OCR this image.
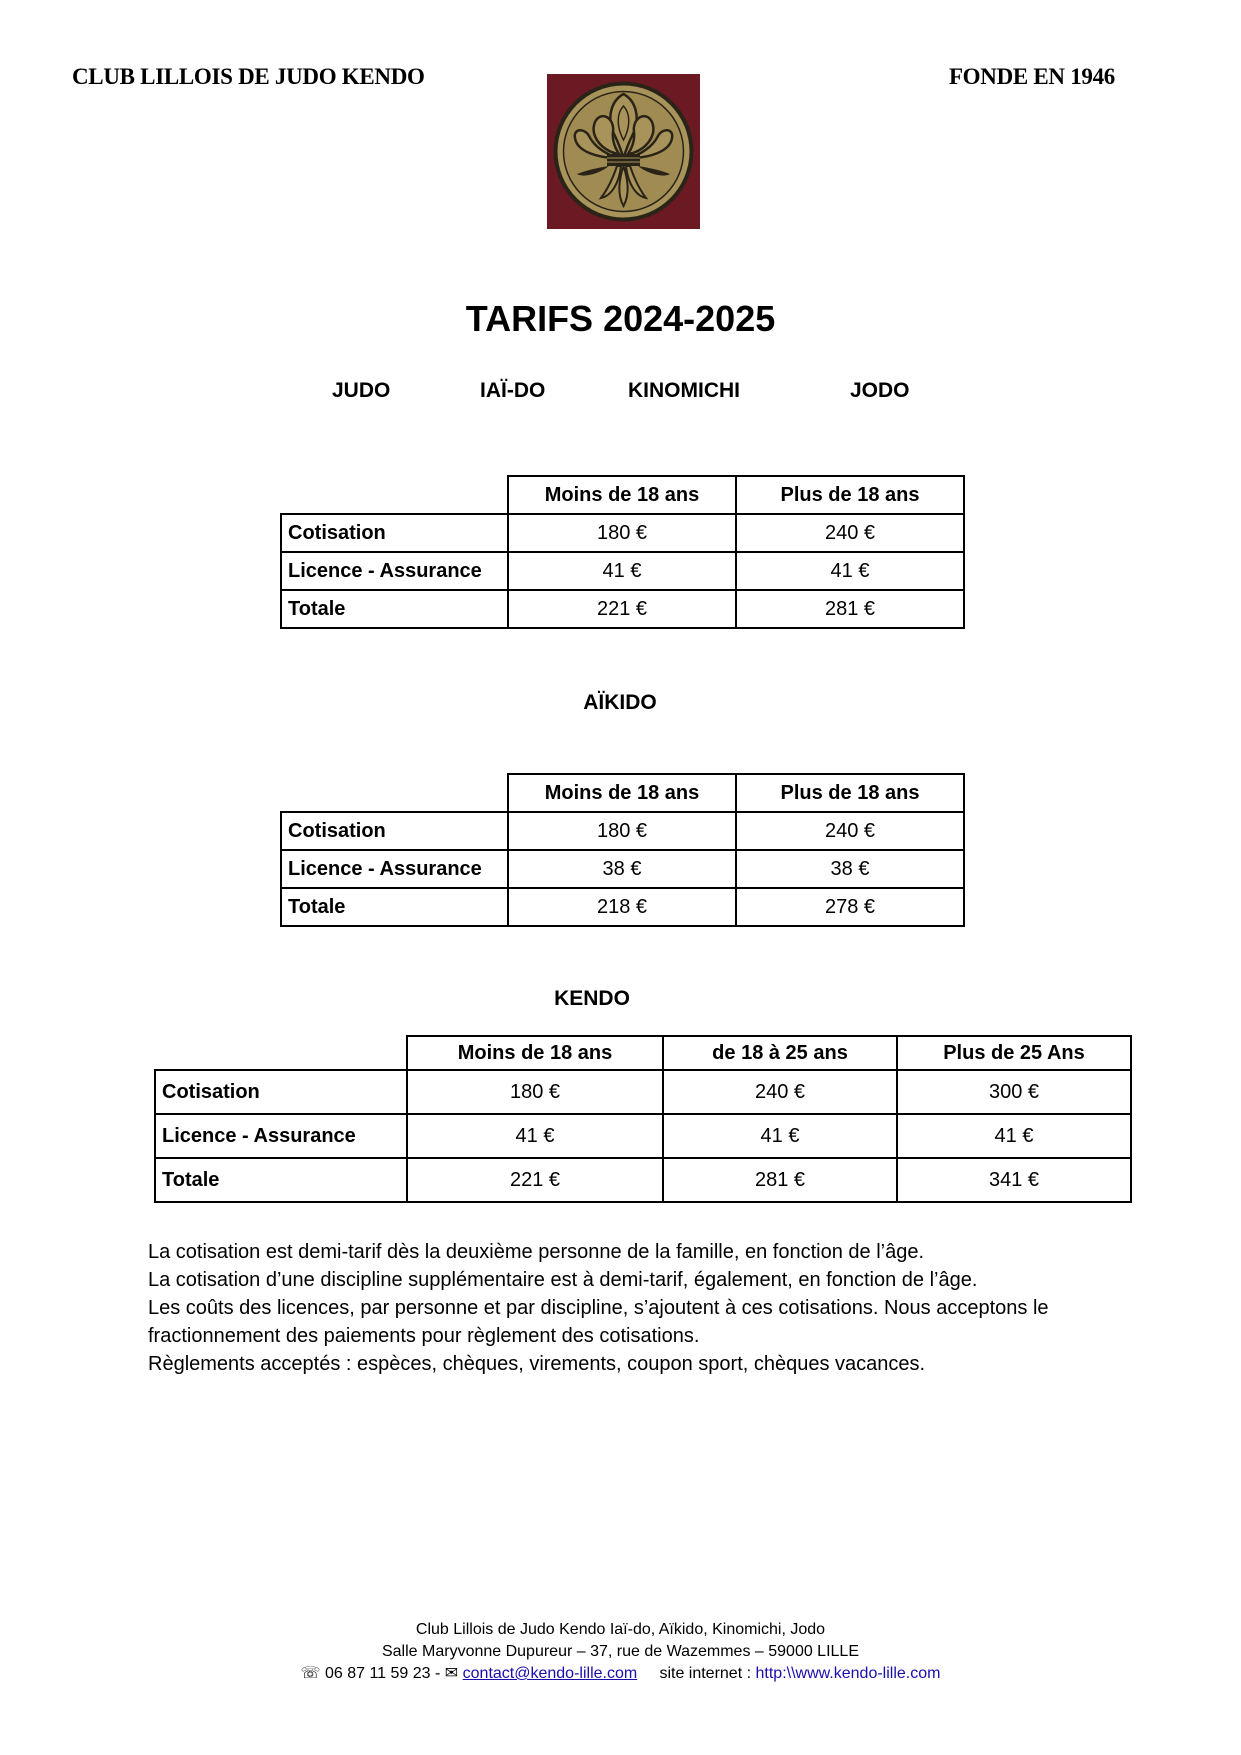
CLUB LILLOIS DE JUDO KENDO	FONDE EN 1946
TARIFS 2024-2025
JUDO	IAÏ-DO	KINOMICHI	JODO
	Moins de 18 ans	Plus de 18 ans
Cotisation	180 €	240 €
Licence - Assurance	41 €	41 €
Totale	221 €	281 €
AÏKIDO
	Moins de 18 ans	Plus de 18 ans
Cotisation	180 €	240 €
Licence - Assurance	38 €	38 €
Totale	218 €	278 €
KENDO
	Moins de 18 ans	de 18 à 25 ans	Plus de 25 Ans
Cotisation	180 €	240 €	300 €
Licence - Assurance	41 €	41 €	41 €
Totale	221 €	281 €	341 €

La cotisation est demi-tarif dès la deuxième personne de la famille, en fonction de l’âge.

La cotisation d’une discipline supplémentaire est à demi-tarif, également, en fonction de l’âge.

Les coûts des licences, par personne et par discipline, s’ajoutent à ces cotisations. Nous acceptons le fractionnement des paiements pour règlement des cotisations.

Règlements acceptés : espèces, chèques, virements, coupon sport, chèques vacances.

Club Lillois de Judo Kendo Iaï-do, Aïkido, Kinomichi, Jodo
Salle Maryvonne Dupureur – 37, rue de Wazemmes – 59000 LILLE
☏ 06 87 11 59 23 - ✉ contact@kendo-lille.com site internet : http:\\www.kendo-lille.com
